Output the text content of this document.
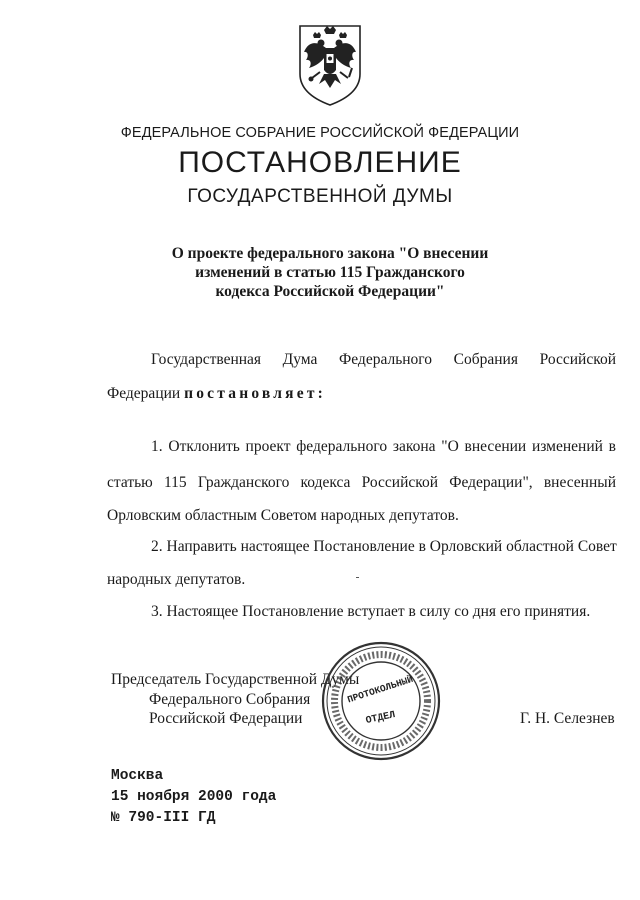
ФЕДЕРАЛЬНОЕ СОБРАНИЕ РОССИЙСКОЙ ФЕДЕРАЦИИ
ПОСТАНОВЛЕНИЕ
ГОСУДАРСТВЕННОЙ ДУМЫ
О проекте федерального закона "О внесении
изменений в статью 115 Гражданского
кодекса Российской Федерации"
Государственная Дума Федерального Собрания Российской
Федерации постановляет:
1. Отклонить проект федерального закона "О внесении изменений в
статью 115 Гражданского кодекса Российской Федерации", внесенный
Орловским областным Советом народных депутатов.
2. Направить настоящее Постановление в Орловский областной Совет
народных депутатов.
3. Настоящее Постановление вступает в силу со дня его принятия.
Председатель Государственной Думы
Федерального Собрания
Российской Федерации	Г. Н. Селезнев
ПРОТОКОЛЬНЫЙ
ОТДЕЛ
Москва
15 ноября 2000 года
№ 790-III ГД
